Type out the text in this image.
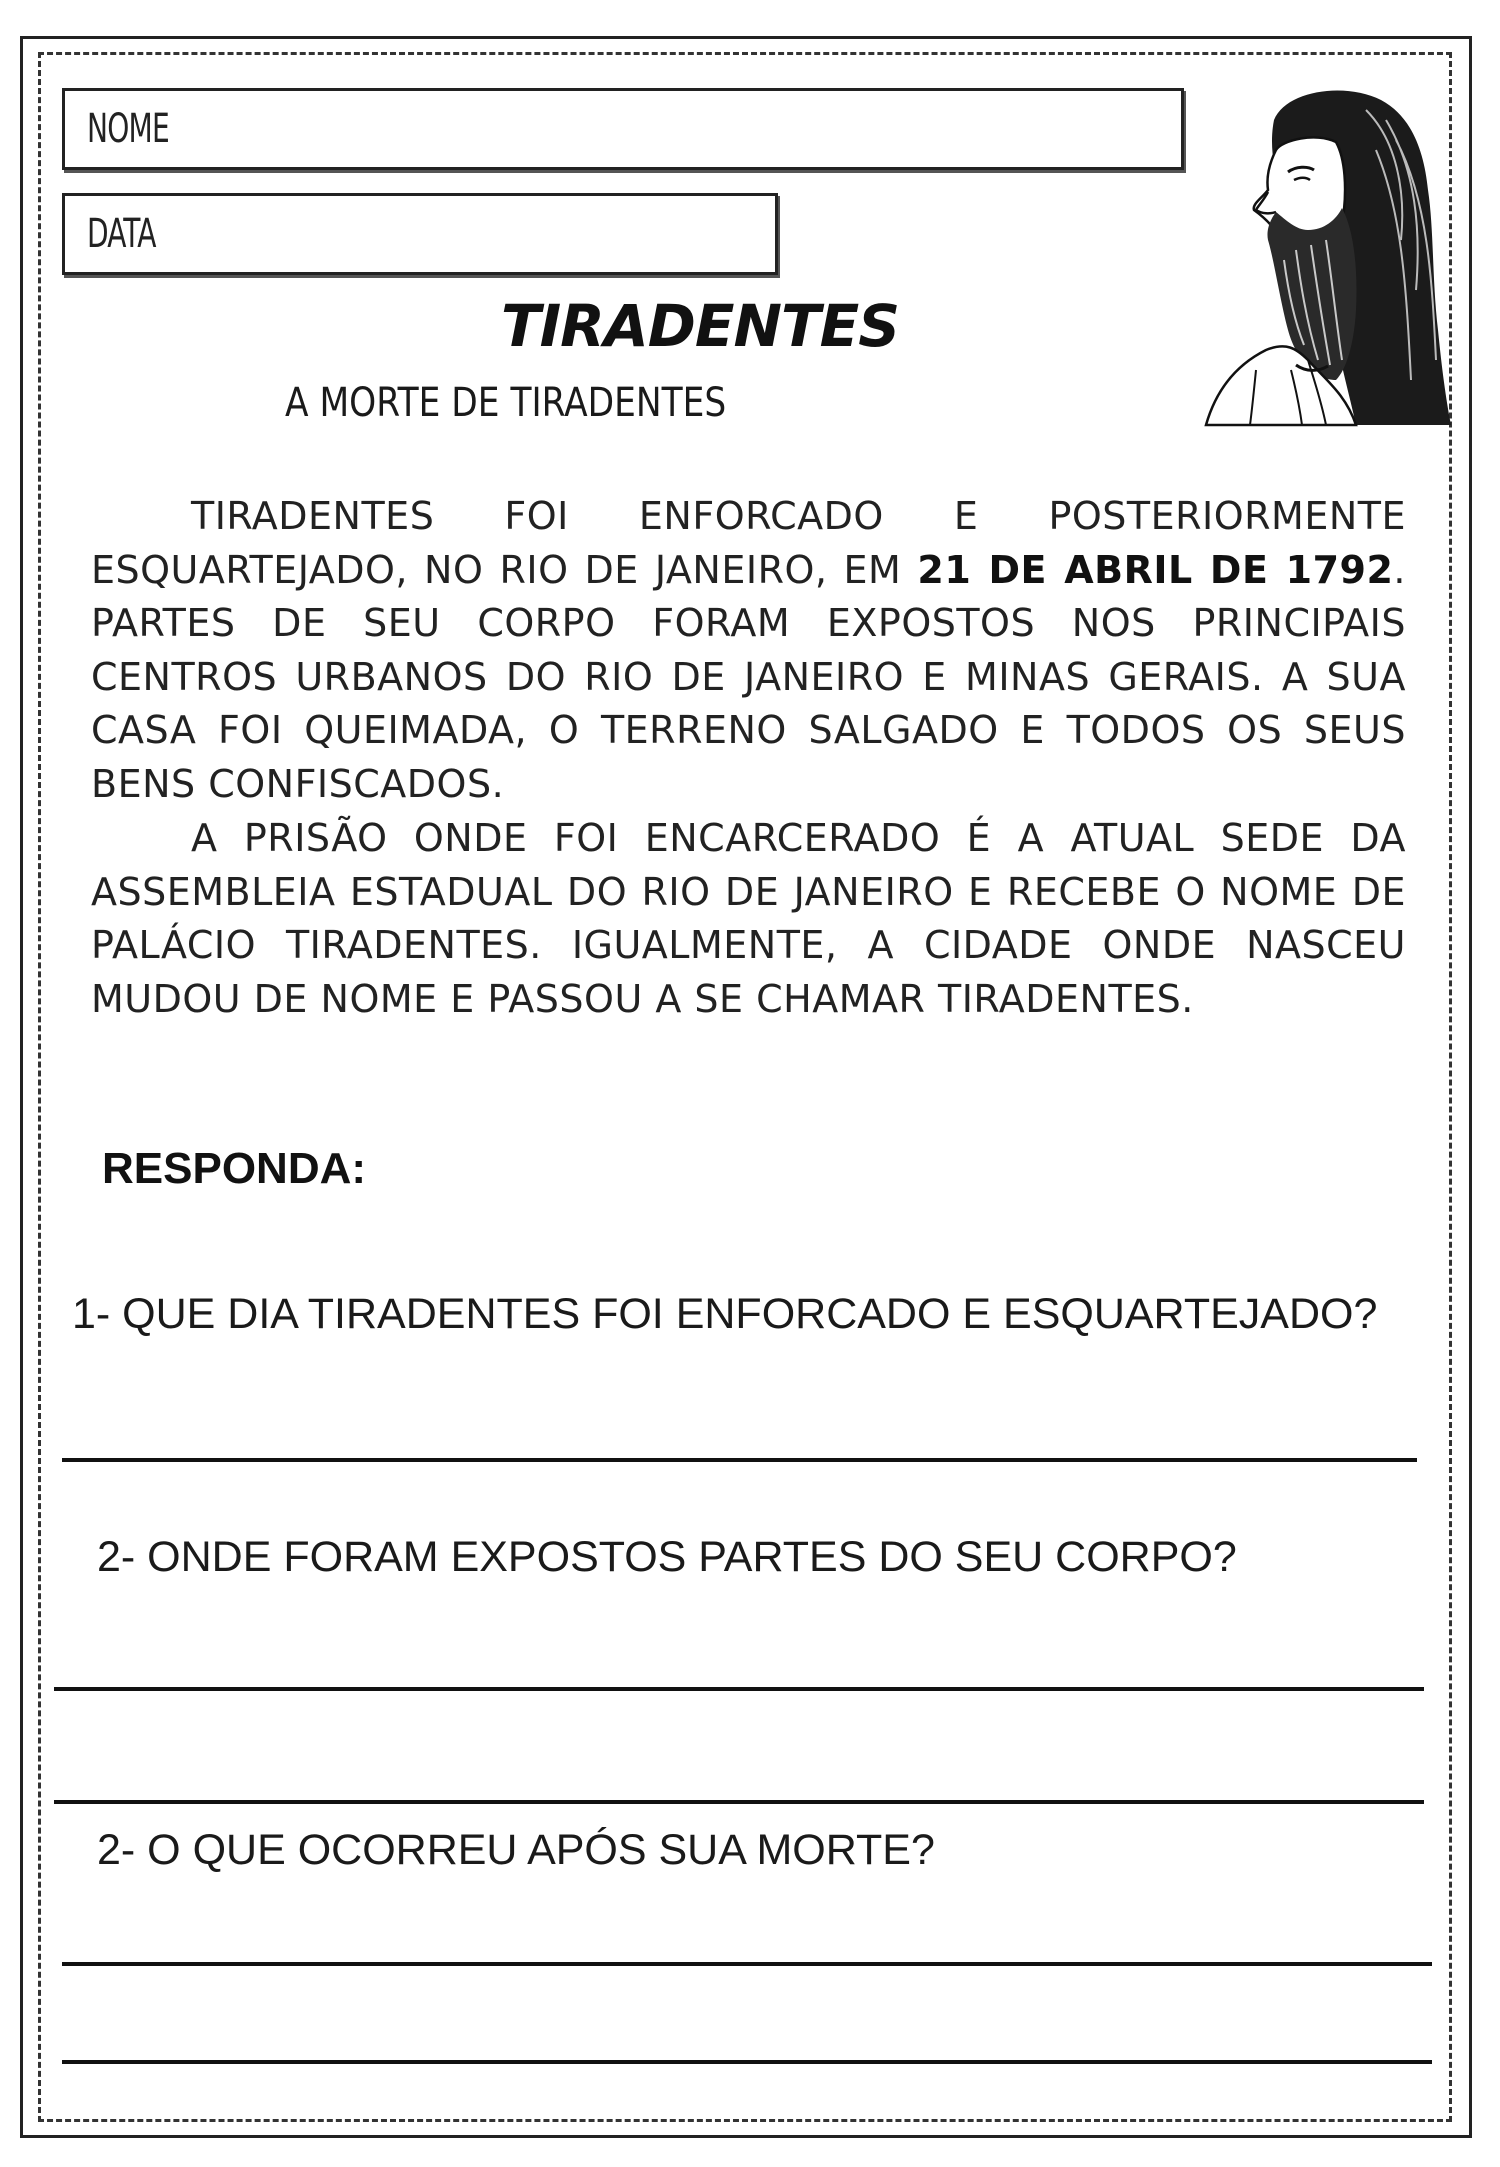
NOME
DATA
TIRADENTES
A MORTE DE TIRADENTES
TIRADENTES FOI ENFORCADO E POSTERIORMENTE ESQUARTEJADO, NO RIO DE JANEIRO, EM 21 DE ABRIL DE 1792. PARTES DE SEU CORPO FORAM EXPOSTOS NOS PRINCIPAIS CENTROS URBANOS DO RIO DE JANEIRO E MINAS GERAIS. A SUA CASA FOI QUEIMADA, O TERRENO SALGADO E TODOS OS SEUS BENS CONFISCADOS.
A PRISÃO ONDE FOI ENCARCERADO É A ATUAL SEDE DA ASSEMBLEIA ESTADUAL DO RIO DE JANEIRO E RECEBE O NOME DE PALÁCIO TIRADENTES. IGUALMENTE, A CIDADE ONDE NASCEU MUDOU DE NOME E PASSOU A SE CHAMAR TIRADENTES.
RESPONDA:
1- QUE DIA TIRADENTES FOI ENFORCADO E ESQUARTEJADO?
2- ONDE FORAM EXPOSTOS PARTES DO SEU CORPO?
2- O QUE OCORREU APÓS SUA MORTE?
